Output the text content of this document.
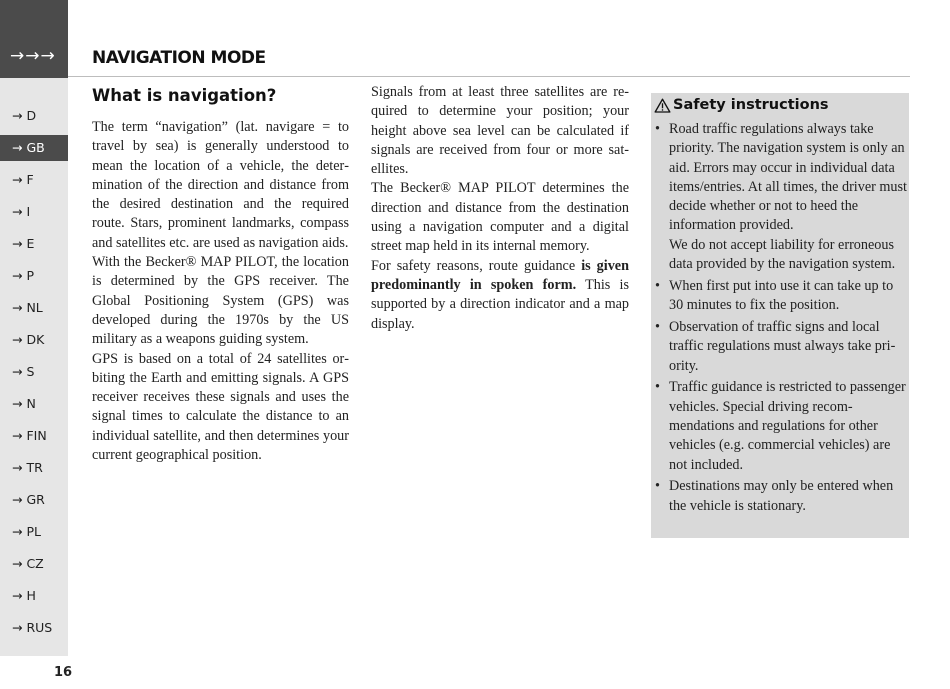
→→→
→ D
→ GB
→ F
→ I
→ E
→ P
→ NL
→ DK
→ S
→ N
→ FIN
→ TR
→ GR
→ PL
→ CZ
→ H
→ RUS
16
NAVIGATION MODE
What is navigation?

The term “navigation” (lat. navigare = to travel by sea) is generally understood to mean the location of a vehicle, the determination of the direction and distance from the desired destination and the required route. Stars, prominent landmarks, compass and satellites etc. are used as navigation aids.

With the Becker® MAP PILOT, the location is determined by the GPS receiver. The Global Positioning System (GPS) was developed during the 1970s by the US military as a weapons guiding system.

GPS is based on a total of 24 satellites orbiting the Earth and emitting signals. A GPS receiver receives these signals and uses the signal times to calculate the distance to an individual satellite, and then determines your current geographical position.

Signals from at least three satellites are required to determine your position; your height above sea level can be calculated if signals are received from four or more satellites.

The Becker® MAP PILOT determines the direction and distance from the destination using a navigation computer and a digital street map held in its internal memory.

For safety reasons, route guidance is given predominantly in spoken form. This is supported by a direction indicator and a map display.

Safety instructions
• Road traffic regulations always take priority. The navigation system is only an aid. Errors may occur in individual data items/entries. At all times, the driver must decide whether or not to heed the information provided.
We do not accept liability for erroneous data provided by the navigation system.
• When first put into use it can take up to 30 minutes to fix the position.
• Observation of traffic signs and local traffic regulations must always take priority.
• Traffic guidance is restricted to passenger vehicles. Special driving recommendations and regulations for other vehicles (e.g. commercial vehicles) are not included.
• Destinations may only be entered when the vehicle is stationary.
